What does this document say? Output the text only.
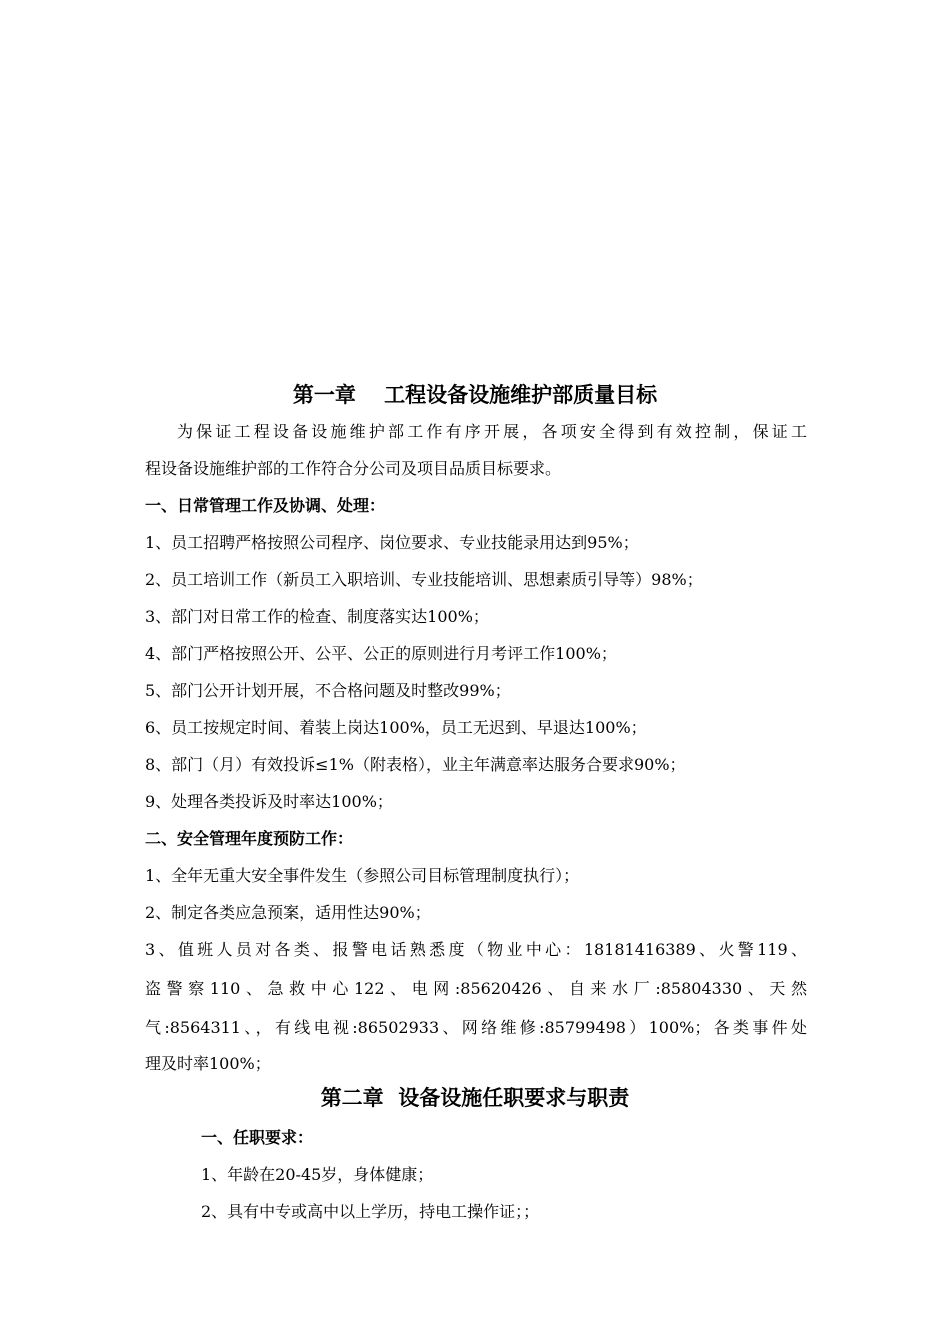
第一章　 工程设备设施维护部质量目标
为保证工程设备设施维护部工作有序开展，各项安全得到有效控制，保证工
程设备设施维护部的工作符合分公司及项目品质目标要求。
一、日常管理工作及协调、处理：
1、员工招聘严格按照公司程序、岗位要求、专业技能录用达到95%；
2、员工培训工作（新员工入职培训、专业技能培训、思想素质引导等）98%；
3、部门对日常工作的检查、制度落实达100%；
4、部门严格按照公开、公平、公正的原则进行月考评工作100%；
5、部门公开计划开展，不合格问题及时整改99%；
6、员工按规定时间、着装上岗达100%，员工无迟到、早退达100%；
8、部门（月）有效投诉≤1%（附表格），业主年满意率达服务合要求90%；
9、处理各类投诉及时率达100%；
二、安全管理年度预防工作：
1、全年无重大安全事件发生（参照公司目标管理制度执行）；
2、制定各类应急预案，适用性达90%；
3、值班人员对各类、报警电话熟悉度（物业中心：18181416389、火警119、
盗警察110、急救中心122、电网:85620426、自来水厂:85804330、天然
气:8564311、，有线电视:86502933、网络维修:85799498）100%；各类事件处
理及时率100%；
第二章  设备设施任职要求与职责
一、任职要求：
1、年龄在20-45岁，身体健康；
2、具有中专或高中以上学历，持电工操作证；；
